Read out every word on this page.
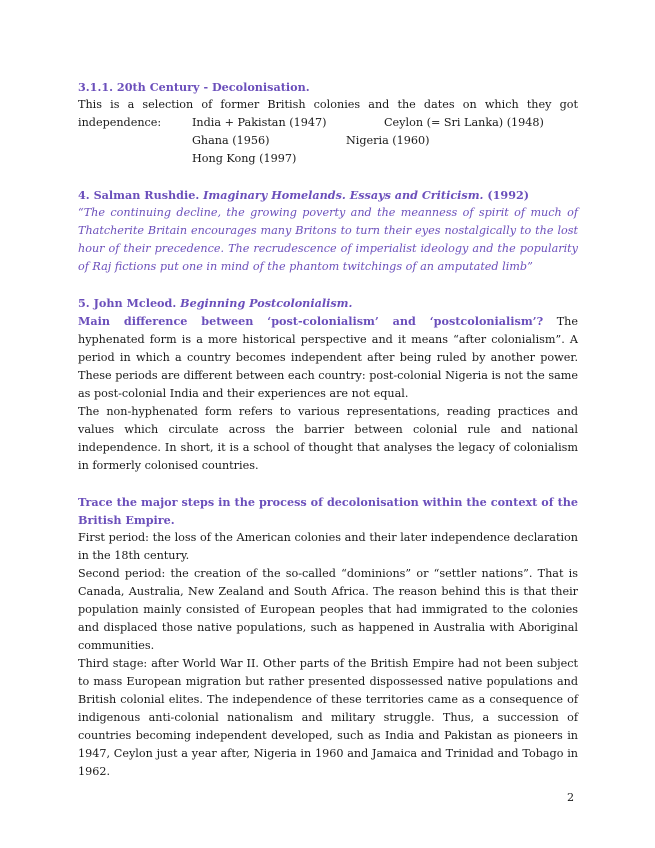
3.1.1. 20th Century - Decolonisation.

This is a selection of former British colonies and the dates on which they got

independence:	India + Pakistan (1947)	Ceylon (= Sri Lanka) (1948)
Ghana (1956)	Nigeria (1960)
Hong Kong (1997)
4. Salman Rushdie. Imaginary Homelands. Essays and Criticism. (1992)

“The continuing decline, the growing poverty and the meanness of spirit of much of Thatcherite Britain encourages many Britons to turn their eyes nostalgically to the lost hour of their precedence. The recrudescence of imperialist ideology and the popularity of Raj fictions put one in mind of the phantom twitchings of an amputated limb”

5. John Mcleod. Beginning Postcolonialism.

Main difference between ‘post-colonialism’ and ‘postcolonialism’? The hyphenated form is a more historical perspective and it means “after colonialism”. A period in which a country becomes independent after being ruled by another power. These periods are different between each country: post-colonial Nigeria is not the same as post-colonial India and their experiences are not equal.

The non-hyphenated form refers to various representations, reading practices and values which circulate across the barrier between colonial rule and national independence. In short, it is a school of thought that analyses the legacy of colonialism in formerly colonised countries.

Trace the major steps in the process of decolonisation within the context of the British Empire.

First period: the loss of the American colonies and their later independence declaration in the 18th century.

Second period: the creation of the so-called “dominions” or “settler nations”. That is Canada, Australia, New Zealand and South Africa. The reason behind this is that their population mainly consisted of European peoples that had immigrated to the colonies and displaced those native populations, such as happened in Australia with Aboriginal communities.

Third stage: after World War II. Other parts of the British Empire had not been subject to mass European migration but rather presented dispossessed native populations and British colonial elites. The independence of these territories came as a consequence of indigenous anti-colonial nationalism and military struggle. Thus, a succession of countries becoming independent developed, such as India and Pakistan as pioneers in 1947, Ceylon just a year after, Nigeria in 1960 and Jamaica and Trinidad and Tobago in 1962.

2
